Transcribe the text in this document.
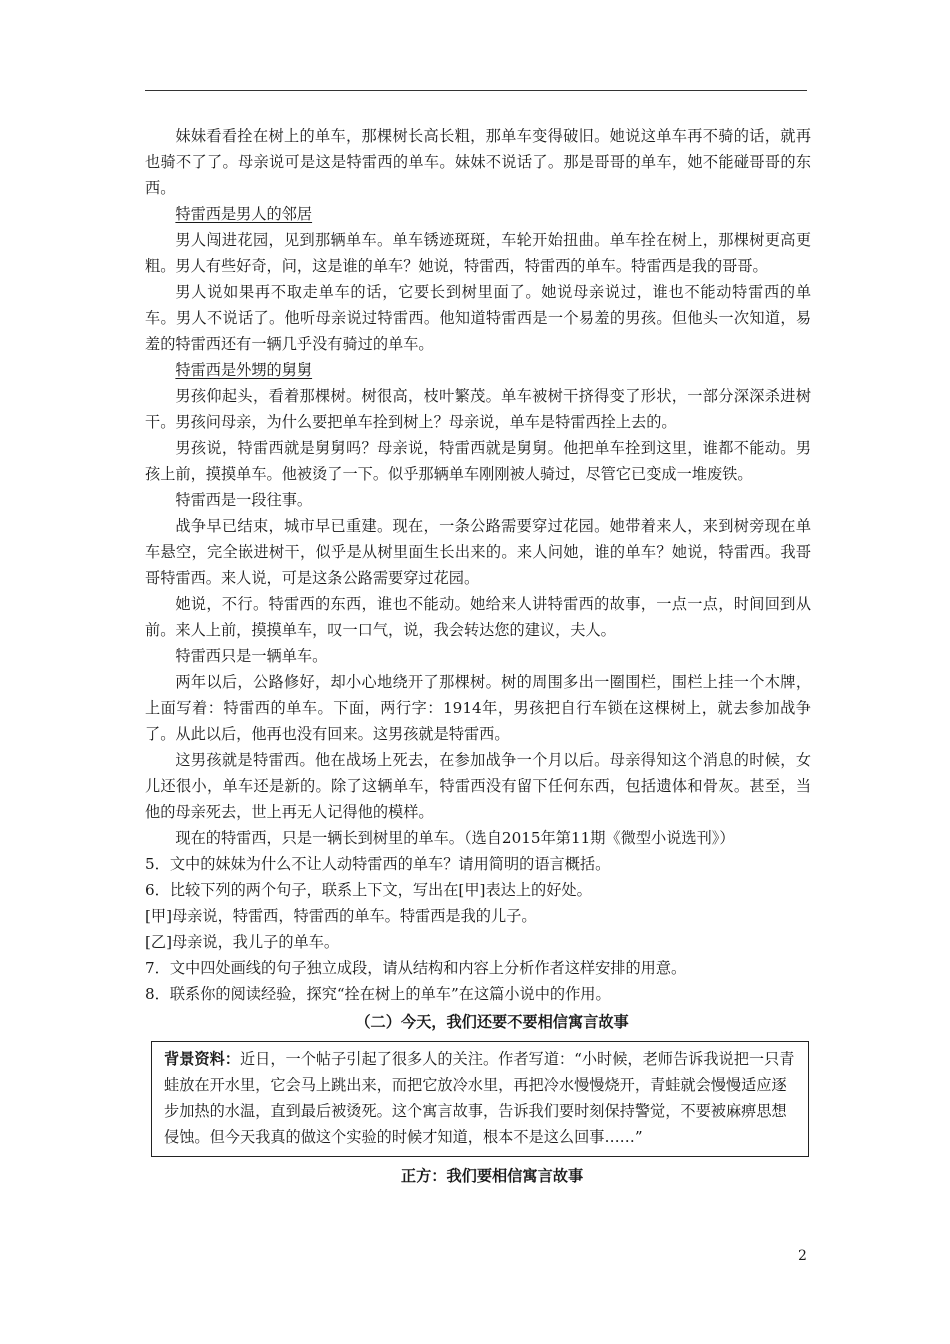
妹妹看看拴在树上的单车，那棵树长高长粗，那单车变得破旧。她说这单车再不骑的话，就再也骑不了了。母亲说可是这是特雷西的单车。妹妹不说话了。那是哥哥的单车，她不能碰哥哥的东西。

特雷西是男人的邻居

男人闯进花园，见到那辆单车。单车锈迹斑斑，车轮开始扭曲。单车拴在树上，那棵树更高更粗。男人有些好奇，问，这是谁的单车？她说，特雷西，特雷西的单车。特雷西是我的哥哥。

男人说如果再不取走单车的话，它要长到树里面了。她说母亲说过，谁也不能动特雷西的单车。男人不说话了。他听母亲说过特雷西。他知道特雷西是一个易羞的男孩。但他头一次知道，易羞的特雷西还有一辆几乎没有骑过的单车。

特雷西是外甥的舅舅

男孩仰起头，看着那棵树。树很高，枝叶繁茂。单车被树干挤得变了形状，一部分深深杀进树干。男孩问母亲，为什么要把单车拴到树上？母亲说，单车是特雷西拴上去的。

男孩说，特雷西就是舅舅吗？母亲说，特雷西就是舅舅。他把单车拴到这里，谁都不能动。男孩上前，摸摸单车。他被烫了一下。似乎那辆单车刚刚被人骑过，尽管它已变成一堆废铁。

特雷西是一段往事。

战争早已结束，城市早已重建。现在，一条公路需要穿过花园。她带着来人，来到树旁现在单车悬空，完全嵌进树干，似乎是从树里面生长出来的。来人问她，谁的单车？她说，特雷西。我哥哥特雷西。来人说，可是这条公路需要穿过花园。

她说，不行。特雷西的东西，谁也不能动。她给来人讲特雷西的故事，一点一点，时间回到从前。来人上前，摸摸单车，叹一口气，说，我会转达您的建议，夫人。

特雷西只是一辆单车。

两年以后，公路修好，却小心地绕开了那棵树。树的周围多出一圈围栏，围栏上挂一个木牌，上面写着：特雷西的单车。下面，两行字：1914年，男孩把自行车锁在这棵树上，就去参加战争了。从此以后，他再也没有回来。这男孩就是特雷西。

这男孩就是特雷西。他在战场上死去，在参加战争一个月以后。母亲得知这个消息的时候，女儿还很小，单车还是新的。除了这辆单车，特雷西没有留下任何东西，包括遗体和骨灰。甚至，当他的母亲死去，世上再无人记得他的模样。

现在的特雷西，只是一辆长到树里的单车。（选自2015年第11期《微型小说选刊》）

5．文中的妹妹为什么不让人动特雷西的单车？请用简明的语言概括。

6．比较下列的两个句子，联系上下文，写出在[甲]表达上的好处。

[甲]母亲说，特雷西，特雷西的单车。特雷西是我的儿子。

[乙]母亲说，我儿子的单车。

7．文中四处画线的句子独立成段，请从结构和内容上分析作者这样安排的用意。

8．联系你的阅读经验，探究“拴在树上的单车”在这篇小说中的作用。

（二）今天，我们还要不要相信寓言故事
背景资料：近日，一个帖子引起了很多人的关注。作者写道：“小时候，老师告诉我说把一只青蛙放在开水里，它会马上跳出来，而把它放冷水里，再把冷水慢慢烧开，青蛙就会慢慢适应逐步加热的水温，直到最后被烫死。这个寓言故事，告诉我们要时刻保持警觉，不要被麻痹思想侵蚀。但今天我真的做这个实验的时候才知道，根本不是这么回事……”
正方：我们要相信寓言故事
2
